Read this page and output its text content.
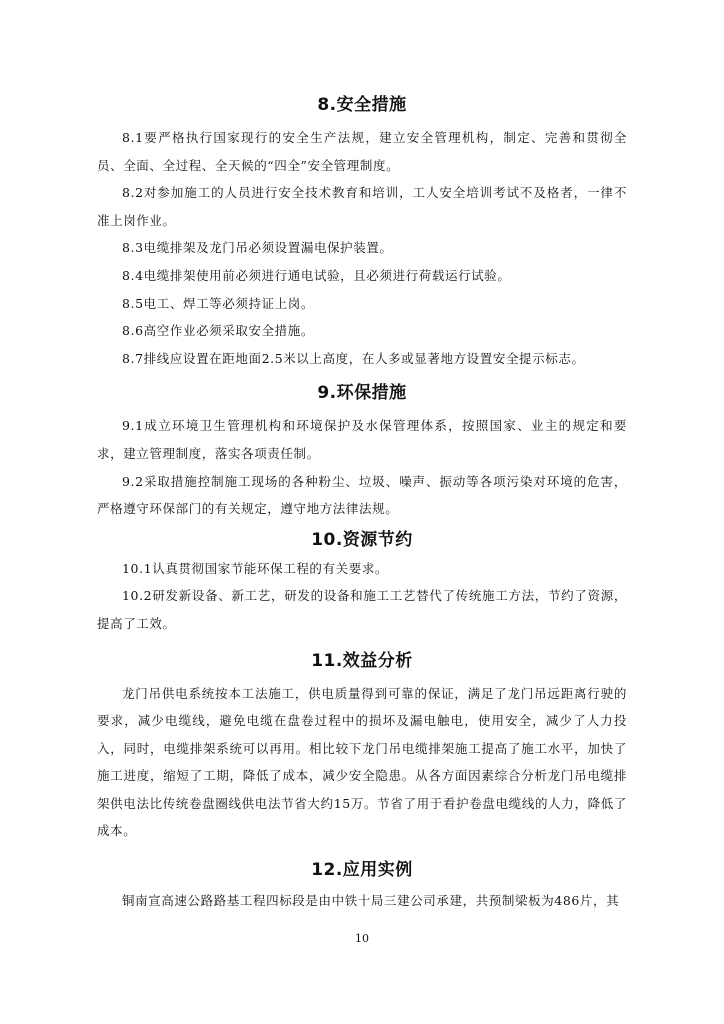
8.安全措施

8.1要严格执行国家现行的安全生产法规，建立安全管理机构，制定、完善和贯彻全员、全面、全过程、全天候的“四全”安全管理制度。

8.2对参加施工的人员进行安全技术教育和培训，工人安全培训考试不及格者，一律不准上岗作业。

8.3电缆排架及龙门吊必须设置漏电保护装置。

8.4电缆排架使用前必须进行通电试验，且必须进行荷载运行试验。

8.5电工、焊工等必须持证上岗。

8.6高空作业必须采取安全措施。

8.7排线应设置在距地面2.5米以上高度，在人多或显著地方设置安全提示标志。

9.环保措施

9.1成立环境卫生管理机构和环境保护及水保管理体系，按照国家、业主的规定和要求，建立管理制度，落实各项责任制。

9.2采取措施控制施工现场的各种粉尘、垃圾、噪声、振动等各项污染对环境的危害，严格遵守环保部门的有关规定，遵守地方法律法规。

10.资源节约

10.1认真贯彻国家节能环保工程的有关要求。

10.2研发新设备、新工艺，研发的设备和施工工艺替代了传统施工方法，节约了资源，提高了工效。

11.效益分析

龙门吊供电系统按本工法施工，供电质量得到可靠的保证，满足了龙门吊远距离行驶的要求，减少电缆线，避免电缆在盘卷过程中的损坏及漏电触电，使用安全，减少了人力投入，同时，电缆排架系统可以再用。相比较下龙门吊电缆排架施工提高了施工水平，加快了施工进度，缩短了工期，降低了成本，减少安全隐患。从各方面因素综合分析龙门吊电缆排架供电法比传统卷盘圈线供电法节省大约15万。节省了用于看护卷盘电缆线的人力，降低了成本。

12.应用实例

铜南宣高速公路路基工程四标段是由中铁十局三建公司承建，共预制梁板为486片，其

10
